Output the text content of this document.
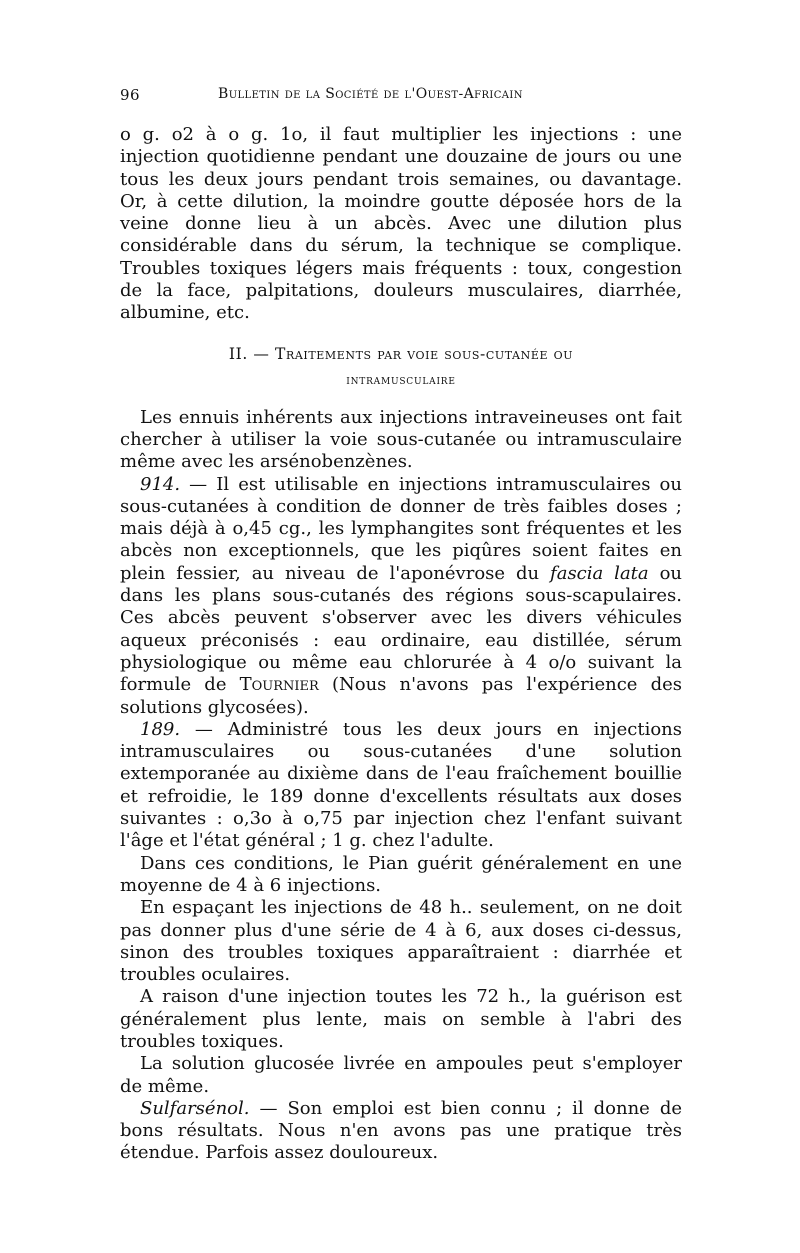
96	Bulletin de la Société de l'Ouest-Africain

o g. o2 à o g. 1o, il faut multiplier les injections : une injection quotidienne pendant une douzaine de jours ou une tous les deux jours pendant trois semaines, ou davantage. Or, à cette dilution, la moindre goutte déposée hors de la veine donne lieu à un abcès. Avec une dilution plus considérable dans du sérum, la technique se complique. Troubles toxiques légers mais fréquents : toux, congestion de la face, palpitations, douleurs musculaires, diarrhée, albumine, etc.

II. — Traitements par voie sous-cutanée ou
intramusculaire

Les ennuis inhérents aux injections intraveineuses ont fait chercher à utiliser la voie sous-cutanée ou intramusculaire même avec les arsénobenzènes.

914. — Il est utilisable en injections intramusculaires ou sous-cutanées à condition de donner de très faibles doses ; mais déjà à o,45 cg., les lymphangites sont fréquentes et les abcès non exceptionnels, que les piqûres soient faites en plein fessier, au niveau de l'aponévrose du fascia lata ou dans les plans sous-cutanés des régions sous-scapulaires. Ces abcès peuvent s'observer avec les divers véhicules aqueux préconisés : eau ordinaire, eau distillée, sérum physiologique ou même eau chlorurée à 4 o/o suivant la formule de Tournier (Nous n'avons pas l'expérience des solutions glycosées).

189. — Administré tous les deux jours en injections intramusculaires ou sous-cutanées d'une solution extemporanée au dixième dans de l'eau fraîchement bouillie et refroidie, le 189 donne d'excellents résultats aux doses suivantes : o,3o à o,75 par injection chez l'enfant suivant l'âge et l'état général ; 1 g. chez l'adulte.

Dans ces conditions, le Pian guérit généralement en une moyenne de 4 à 6 injections.

En espaçant les injections de 48 h.. seulement, on ne doit pas donner plus d'une série de 4 à 6, aux doses ci-dessus, sinon des troubles toxiques apparaîtraient : diarrhée et troubles oculaires.

A raison d'une injection toutes les 72 h., la guérison est généralement plus lente, mais on semble à l'abri des troubles toxiques.

La solution glucosée livrée en ampoules peut s'employer de même.

Sulfarsénol. — Son emploi est bien connu ; il donne de bons résultats. Nous n'en avons pas une pratique très étendue. Parfois assez douloureux.
